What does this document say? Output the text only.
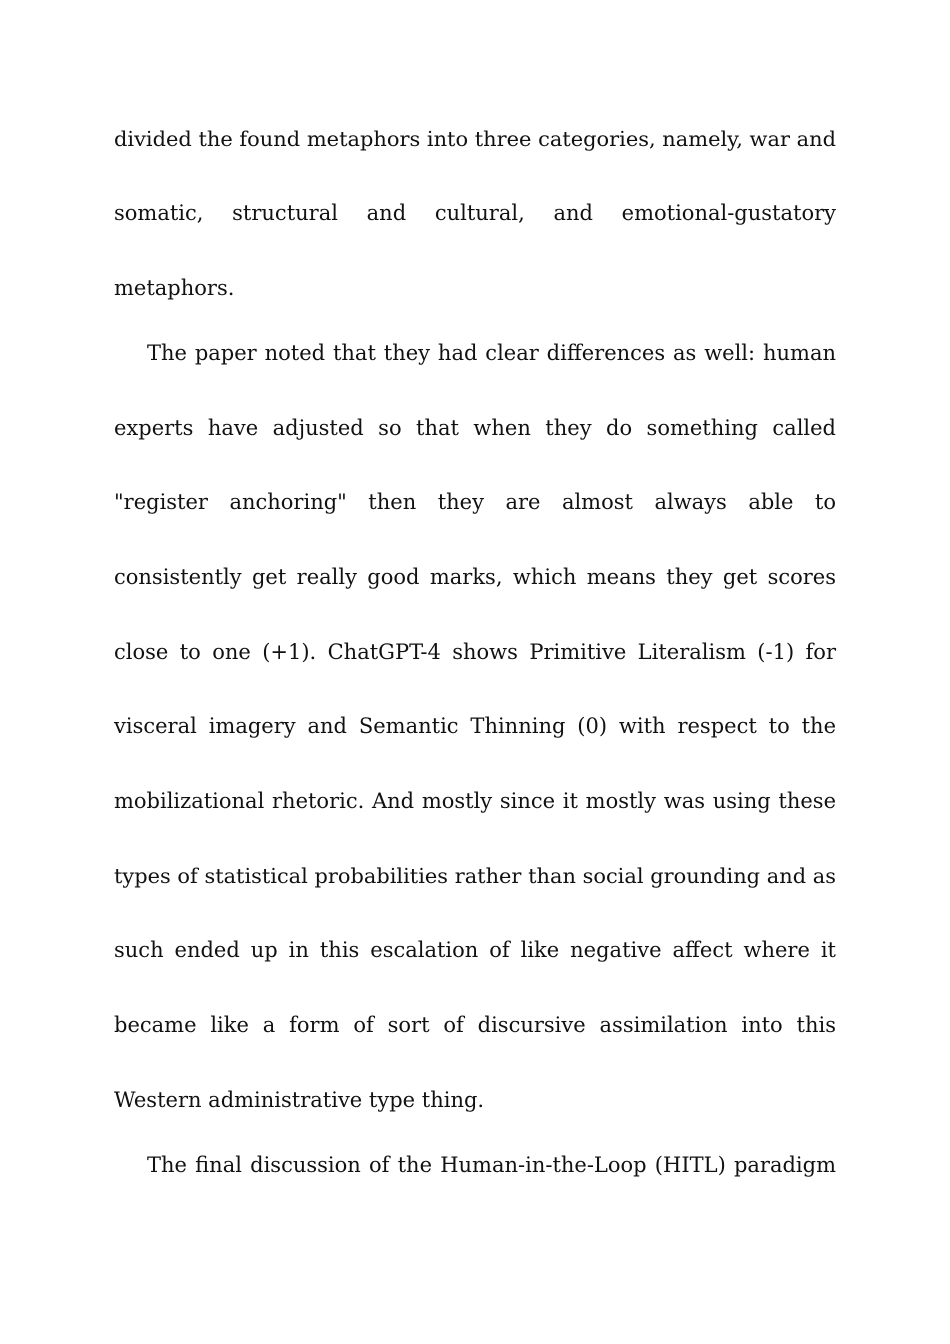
divided the found metaphors into three categories, namely, war and
somatic, structural and cultural, and emotional-gustatory
metaphors.
The paper noted that they had clear differences as well: human
experts have adjusted so that when they do something called
"register anchoring" then they are almost always able to
consistently get really good marks, which means they get scores
close to one (+1). ChatGPT-4 shows Primitive Literalism (-1) for
visceral imagery and Semantic Thinning (0) with respect to the
mobilizational rhetoric. And mostly since it mostly was using these
types of statistical probabilities rather than social grounding and as
such ended up in this escalation of like negative affect where it
became like a form of sort of discursive assimilation into this
Western administrative type thing.
The final discussion of the Human-in-the-Loop (HITL) paradigm
